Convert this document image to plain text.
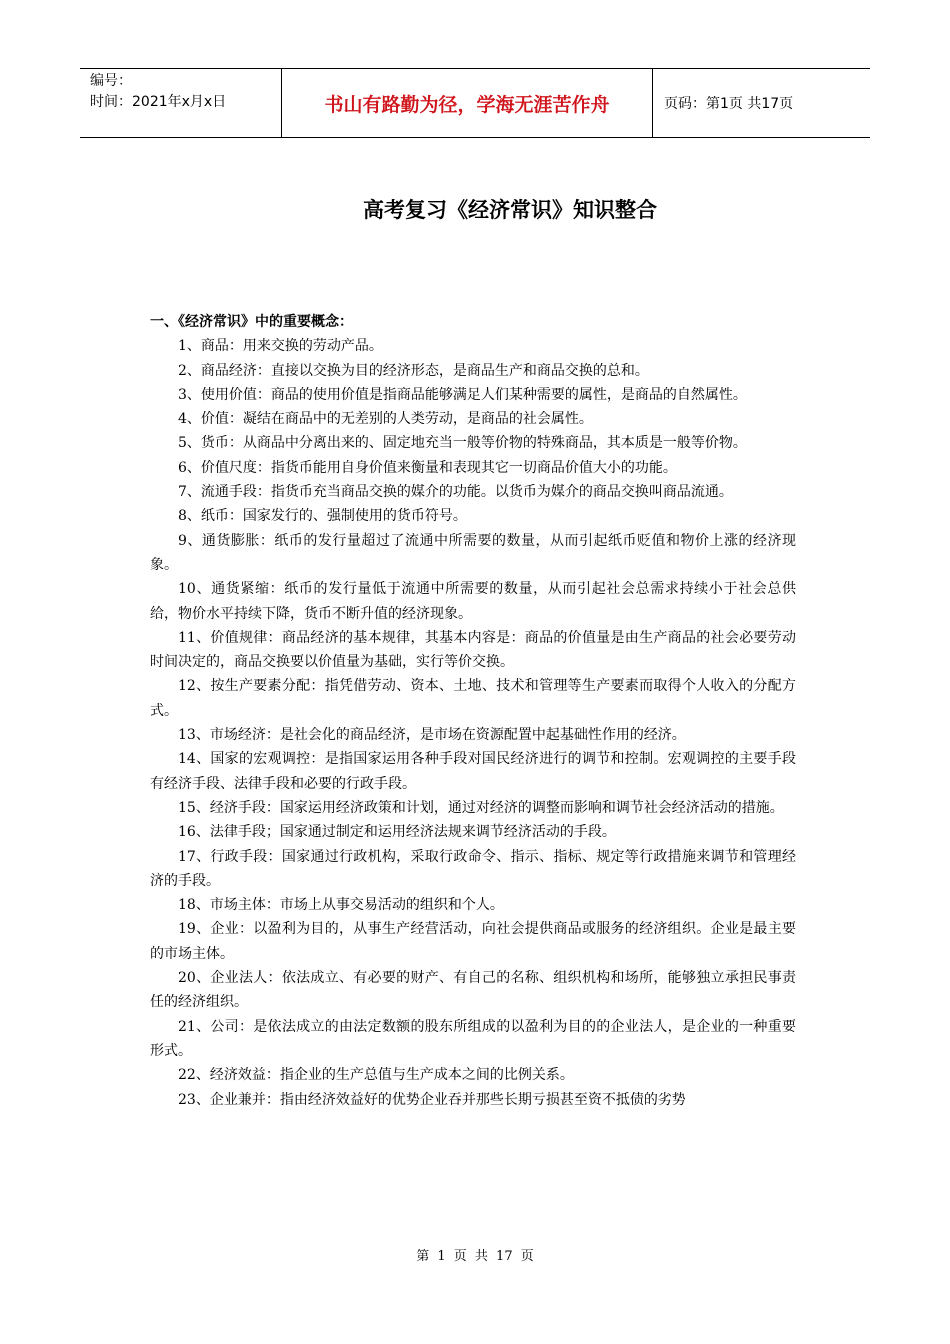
编号：
时间：2021年x月x日	书山有路勤为径，学海无涯苦作舟	页码：第1页 共17页
高考复习《经济常识》知识整合

一、《经济常识》中的重要概念：

1、商品：用来交换的劳动产品。

2、商品经济：直接以交换为目的经济形态，是商品生产和商品交换的总和。

3、使用价值：商品的使用价值是指商品能够满足人们某种需要的属性，是商品的自然属性。

4、价值：凝结在商品中的无差别的人类劳动，是商品的社会属性。

5、货币：从商品中分离出来的、固定地充当一般等价物的特殊商品，其本质是一般等价物。

6、价值尺度：指货币能用自身价值来衡量和表现其它一切商品价值大小的功能。

7、流通手段：指货币充当商品交换的媒介的功能。以货币为媒介的商品交换叫商品流通。

8、纸币：国家发行的、强制使用的货币符号。

9、通货膨胀：纸币的发行量超过了流通中所需要的数量，从而引起纸币贬值和物价上涨的经济现象。

10、通货紧缩：纸币的发行量低于流通中所需要的数量，从而引起社会总需求持续小于社会总供给，物价水平持续下降，货币不断升值的经济现象。

11、价值规律：商品经济的基本规律，其基本内容是：商品的价值量是由生产商品的社会必要劳动时间决定的，商品交换要以价值量为基础，实行等价交换。

12、按生产要素分配：指凭借劳动、资本、土地、技术和管理等生产要素而取得个人收入的分配方式。

13、市场经济：是社会化的商品经济，是市场在资源配置中起基础性作用的经济。

14、国家的宏观调控：是指国家运用各种手段对国民经济进行的调节和控制。宏观调控的主要手段有经济手段、法律手段和必要的行政手段。

15、经济手段：国家运用经济政策和计划，通过对经济的调整而影响和调节社会经济活动的措施。

16、法律手段；国家通过制定和运用经济法规来调节经济活动的手段。

17、行政手段：国家通过行政机构，采取行政命令、指示、指标、规定等行政措施来调节和管理经济的手段。

18、市场主体：市场上从事交易活动的组织和个人。

19、企业：以盈利为目的，从事生产经营活动，向社会提供商品或服务的经济组织。企业是最主要的市场主体。

20、企业法人：依法成立、有必要的财产、有自己的名称、组织机构和场所，能够独立承担民事责任的经济组织。

21、公司：是依法成立的由法定数额的股东所组成的以盈利为目的的企业法人，是企业的一种重要形式。

22、经济效益：指企业的生产总值与生产成本之间的比例关系。

23、企业兼并：指由经济效益好的优势企业吞并那些长期亏损甚至资不抵债的劣势

第 1 页 共 17 页
